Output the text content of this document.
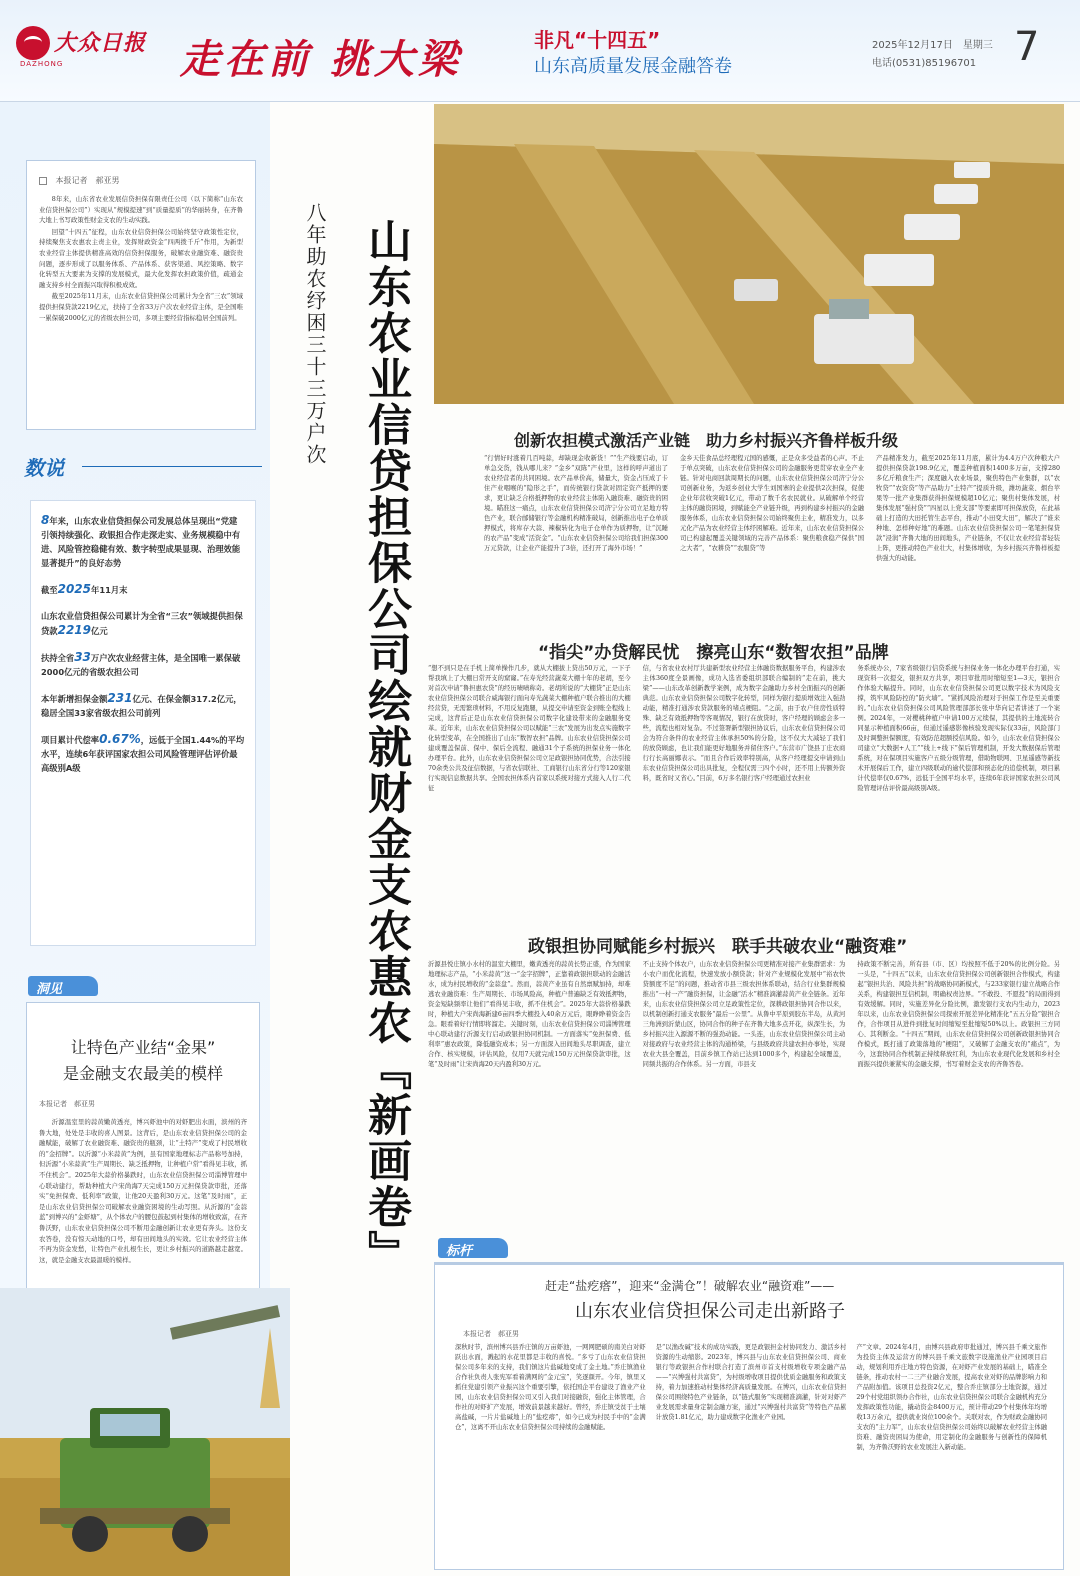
大众日报
DAZHONG	走在前 挑大梁	非凡“十四五”
山东高质量发展金融答卷
2025年12月17日　星期三
电话(0531)85196701 7
本报记者　 郝亚男

8年来，山东省农业发展信贷担保有限责任公司（以下简称“山东农业信贷担保公司”）实现从“规模提速”到“质量提质”的华丽转身，在齐鲁大地上书写政策性财金支农的生动实践。

回望“十四五”征程，山东农业信贷担保公司始终坚守政策性定位，持续聚焦支农惠农主责主业，发挥财政资金“四两拨千斤”作用，为新型农业经营主体提供精准高效的信贷担保服务，破解农业融资难、融资贵问题，逐步形成了以服务体系、产品体系、获客渠道、风控策略、数字化转型五大要素为支撑的发展模式，最大化发挥农担政策价值，疏通金融支持乡村全面振兴取得积极成效。

截至2025年11月末，山东农业信贷担保公司累计为全省“三农”领域提供担保贷款2219亿元，扶持了全省33万户次农业经营主体，是全国唯一累保破2000亿元的省级农担公司，多项主要经营指标稳居全国前列。

数说
8年来，山东农业信贷担保公司发展总体呈现出“党建引领持续强化、政银担合作走深走实、业务规模稳中有进、风险管控稳健有效、数字转型成果显现、治理效能显著提升”的良好态势
截至2025年11月末
山东农业信贷担保公司累计为全省“三农”领域提供担保贷款2219亿元
扶持全省33万户次农业经营主体，是全国唯一累保破2000亿元的省级农担公司
本年新增担保金额231亿元、在保金额317.2亿元，稳居全国33家省级农担公司前列
项目累计代偿率0.67%，远低于全国1.44%的平均水平，连续6年获评国家农担公司风险管理评估评价最高级别A级
洞见
让特色产业结“金果”
是金融支农最美的模样
本报记者　 郝亚男
沂源温室里的蒜黄嫩黄透亮，博兴虾池中的对虾肥出水面，滨州的齐鲁大地，处处是丰收的喜人图景。这背后，是山东农业信贷担保公司的金融赋能，破解了农业融资难、融资贵的瓶颈，让“土特产”变成了村民增收的“金招牌”。以沂源“小米蒜黄”为例，虽有国家地理标志产品称号加持，但沂源“小米蒜黄”生产周期长、缺乏抵押物，让种植户常“看得见丰收，抓不住机会”。2025年大蒜价格暴跌时，山东农业信贷担保公司淄博管理中心联动建行，帮助种植大户宋尚海7天完成150万元担保贷款审批，还落实“免担保费、低利率”政策，让他20天盈利30万元。这笔“及时雨”，正是山东农业信贷担保公司破解农业融资困境的生动写照。从沂源的“金蒜蓝”到博兴的“金虾塘”，从个体农户的腰包鼓起到村集体的增收致富，在齐鲁沃野，山东农业信贷担保公司不断用金融创新让农业更有奔头。这份支农答卷，没有惊天动地的口号，却有田间地头的实效。它让农业经营主体不再为资金发愁，让特色产业扎根生长，更让乡村振兴的道路越走越宽。这，就是金融支农最温暖的模样。
八年助农纾困三十三万户次 山东农业信贷担保公司绘就财金支农惠农『新画卷』	创新农担模式激活产业链　助力乡村振兴齐鲁样板升级
“行情好时涨着几百吨蒜，却缺现金收新货！”“生产线要启动，订单急交货，钱从哪儿来？”金乡“双陈”产业里，这样的呼声道出了农业经营者的共同困境。农产品单价高，储量大，资金占压成了卡住产业咽喉的“隐形之手”，而传统银行贷款对固定资产抵押的要求，更让缺乏合格抵押物的农业经营主体陷入融资难、融资贵的困境。瞄准这一痛点，山东农业信贷担保公司济宁分公司立足地方特色产业，联合邮储银行等金融机构精准破局，创新推出电子仓单质押模式，将库存大蒜、辣椒转化为电子仓单作为质押物，让“沉睡的农产品”变成“活资金”。“山东农业信贷担保公司给我们担保300万元贷款，让企业产能提升了3倍，还打开了海外市场！”
金乡天佳食品总经理程元国的感慨，正是众多受益者的心声。不止于单点突破，山东农业信贷担保公司的金融服务更贯穿农业全产业链。针对电商回款周期长的问题，山东农业信贷担保公司济宁分公司创新业务，为返乡创业大学生刘国寨的企业提供2次担保，促使企业年营收突破1亿元，带动了数千名农民就业。从破解单个经营主体的融资困境，到赋能全产业链升级，再到构建乡村振兴的金融服务体系，山东农业信贷担保公司始终聚焦主业，精准发力，以多元化产品为农业经营主体纾困解难。近年来，山东农业信贷担保公司已构建起覆盖关键领域的完善产品体系：聚焦粮食稳产保供“国之大者”，“农耕贷”“农服贷”等
产品精准发力，截至2025年11月底，累计为4.4万户次种粮大户提供担保贷款198.9亿元，覆盖种植面积1400多万亩，支撑280多亿斤粮食生产；深度融入农业场景，聚焦特色产业集群，以“农牧贷”“农资贷”等产品助力“土特产”提质升级，潍坊蔬菜、烟台苹果等一批产业集群获得担保规模超10亿元；聚焦村集体发展，村集体发展“强村贷”“四星以上党支部”等要素即可担保放贷，在此基础上打造的大田托管生态平台，推动“小田变大田”，解决了“谁来种地、怎样种好地”的难题。山东农业信贷担保公司一笔笔担保贷款“浸润”齐鲁大地的田间地头，产业链条，不仅让农业经营者轻装上阵，更推动特色产业壮大，村集体增收，为乡村振兴齐鲁样板提供强大的动能。
“指尖”办贷解民忧　擦亮山东“数智农担”品牌
“想不到只是在手机上简单操作几步，就从大棚拔上贷出50万元，一下子帮我填上了大棚日常开支的窟窿。”在寿光经营蔬菜大棚十年的老胡，至今对首次申请“鲁担惠农贷”的经历啧啧称奇。老胡所说的“大棚贷”正是山东农业信贷担保公司联合威海银行面向寿光蔬菜大棚种植户联合推出的大棚经营贷，无需繁琐材料，不用反复跑腿，从提交申请至资金到账全程线上完成，这背后正是山东农业信贷担保公司数字化建设带来的金融服务变革。近年来，山东农业信贷担保公司以赋能“三农”发展为出发点实施数字化转型变革，在全国推出了山东“数智农担”品牌。山东农业信贷担保公司建成覆盖保前、保中、保后全流程、融通31个子系统的担保业务一体化办理平台。此外，山东农业信贷担保公司立足政银担协同优势，合法引接70余类公共及征信数据，与省农信联社、工商银行山东省分行等120家银行实现信息数据共享。全国农担体系内首家以系统对接方式接入人行二代征
信，与省农业农村厅共建新型农业经营主体融资数据服务平台，构建涉农主体360度全景画像，成功入选省委组织部联合编制的“走在前，挑大梁”——山东改革创新教学案例，成为数字金融助力乡村全面振兴的创新典范。山东农业信贷担保公司数字化转型，同样为银行提质增效注入强劲动能，精准打通涉农贷款服务的堵点梗阻。“之前，由于农户住房性质特殊、缺乏有效抵押物等客观情况，银行在放贷时，客户经理的顾虑会多一些，流程也相对复杂。不过签署新型银担协议后，山东农业信贷担保公司会为符合条件的农业经营主体承担50%的分险，这不仅大大减轻了我们的放贷顾虑，也让我们能更好地服务并留住客户。”东营市广饶县丁庄农商行行长高丽娜表示。“而且合作后效率特别高，从客户经理提交申请到山东农业信贷担保公司出具批复，全程仅需三四个小时，还不用上传额外资料，既省时又省心。”目前，6万多名银行客户经理通过农担业
务系统办公，7家省级银行信贷系统与担保业务一体化办理平台打通，实现资料一次提交，银担双方共享，项目审批用时缩短至1—3天，银担合作体验大幅提升。同时，山东农业信贷担保公司更以数字技术为风险支撑，筑牢风险防控的“防火墙”。“紧抓风险治理对于担保工作是至关重要的。”山东农业信贷担保公司风险管理部部长张中华向记者讲述了一个案例。2024年，一对樱桃种植户申请100万元续保，其提供的土地流转合同显示种植面积66亩，但通过遥感影像核验发现实际仅33亩，风险部门及时调整担保额度，有效防范超额授信风险。如今，山东农业信贷担保公司建立“大数据+人工”“线上+线下”保后管理机制，开发大数据保后管理系统，对在保项目实施客户五级分级管理，借助物联网、卫星遥感等新技术开展保后工作，建立四级联动的逾代偿部和预态化的追偿机制，项目累计代偿率仅0.67%，远低于全国平均水平，连续6年获评国家农担公司风险管理评估评价最高级别A级。
政银担协同赋能乡村振兴　联手共破农业“融资难”
沂源县悦庄镇小水村的温室大棚里，嫩黄透亮的蒜黄长势正盛，作为国家地理标志产品，“小米蒜黄”这一“金字招牌”，正靠着政银担联动的金融活水，成为村民增收的“金蒜盘”。然而，蒜黄产业虽有自然禀赋加持，却难逃农业融资难：生产周期长、市场风险高，种植户普遍缺乏有效抵押物，资金短缺频率让他们“看得见丰收，抓不住机会”。2025年大蒜价格暴跌时，种植大户宋尚海新建6亩四季大棚投入40余万元后，眼睁睁着资金告急。眼看着好行情即将溜走。关键时刻，山东农业信贷担保公司淄博管理中心联动建行沂源支行启动政银担协同机制。一方面落实“免担保费、低利率”惠农政策，降低融资成本；另一方面深入田间地头尽职调查，建立合作、核实规模，评估风险，仅用7天就完成150万元担保贷款审批，这笔“及时雨”让宋尚海20天内盈利30万元。
不止支持个体农户，山东农业信贷担保公司更精准对接产业集群需求：为小农户而优化流程，快速发放小额贷款；针对产业规模化发展中“裕农快贷额度不足”的问题，推动省市县三级农担体系联动，结合行业集群规模推出“一村一产”融资担保，让金融“活水”精准滴灌蒜黄产业全链条。近年来，山东农业信贷担保公司立足政策性定位，深耕政银担协同合作以来，以机制创新打通支农服务“最后一公里”。从鲁中平原到胶东半岛，从黄河三角洲到沂蒙山区，协同合作的种子在齐鲁大地多点开花，纵深生长，为乡村振兴注入源源不断的强劲动能。一头连，山东农业信贷担保公司主动对接政府与农业经营主体的沟通桥梁，与县级政府共建农担办事处，实现农业大县全覆盖，目前乡镇工作站已达到1000多个，构建起全域覆盖，同频共振的合作体系。另一方面，市县支
持政策不断完善，所有县（市、区）均按照不低于20%的比例分险。另一头是，“十四五”以来，山东农业信贷担保公司创新银担合作模式，构建起“银担共治、风险共担”的战略协同新模式，与233家银行建立战略合作关系，构建银担互信机制，明确权责边界。“不敢投、不愿投”的局面得到有效缓解。同时，实施差异化分险比例，激发银行支农内生动力，2023年以来，山东农业信贷担保公司探索开展差异化精准化“五五分险”银担合作，合作项目从进件到批复时间缩短至批缩短50%以上。政银担三方同心、其利断金。“十四五”期间，山东农业信贷担保公司创新政银担协同合作模式，既打通了政策落地的“梗阻”，又破解了金融支农的“痛点”，为今，这套协同合作机制正持续释放红利，为山东农业现代化发展和乡村全面振兴提供兼紧实的金融支撑，书写着财金支农的齐鲁答卷。
标杆
赶走“盐疙瘩”，迎来“金满仓”！破解农业“融资难”——
山东农业信贷担保公司走出新路子
本报记者　 郝亚男
深秋时节，滨州博兴县乔庄镇的万亩虾池，一网网肥硕的南美白对虾跃出水面，溅起的水花里都是丰收的喜悦。“多亏了山东农业信贷担保公司多年来的支持，我们镇这片盐碱地变成了金土地。”乔庄镇渔业合作社负责人张宪军看着满网的“金元宝”，笑逐颜开。今年，镇里又抓住党建引领产业振兴这个重要引擎，依托国企平台建设了渔业产业园，山东农业信贷担保公司又引入我们对接融资，强化主体管理，合作社的对虾扩产发展，增效前景越来越好。曾经，乔庄镇受贫于土壤高盐碱，一片片盐碱地上的“盐疙瘩”，如今已成为村民手中的“金满仓”，这离不开山东农业信贷担保公司持续的金融赋能。
是“以渔改碱”技术的成功实践，更是政银担金村协同发力、激活乡村资源的生动缩影。2023年，博兴县与山东农业信贷担保公司、商业银行等政银担合作村联合打造了滨州市首支村级增收专项金融产品——“兴博强村共富贷”，为村级增收项目提供优质金融服务和政策支持，着力加速推动村集体经济高质量发展。在博兴，山东农业信贷担保公司围绕特色产业链条，以“链式服务”实现精准滴灌，针对对虾产业发展需求量身定制金融方案，通过“兴博强村共富贷”等特色产品累计放贷1.81亿元，助力建成数字化渔业产业园。
产”文章。2024年4月，由博兴县政府审批通过，博兴县千乘文旅作为投资主体及运营方的博兴县千乘文旅数字设施渔业产业园项目启动，规划利用乔庄地方特色资源，在对虾产业发展的基础上，瞄准全链条，推动农村一二三产业融合发展，提高农业对虾的品牌影响力和产品附加值。该项目总投资2亿元，整合乔庄镇部分土地资源，通过29个村党组织领办合作社，山东农业信贷担保公司联合金融机构充分发挥政策性功能，撬动资金8400万元，预计带动29个村集体年均增收13万余元，提供就业岗位100余个。关联对农，作为财政金融协同支农的“主力军”，山东农业信贷担保公司始终以破解农业经营主体融资难、融资贵困局为使命，用定制化的金融服务与创新性的保障机制，为齐鲁沃野的农业发展注入新动能。
